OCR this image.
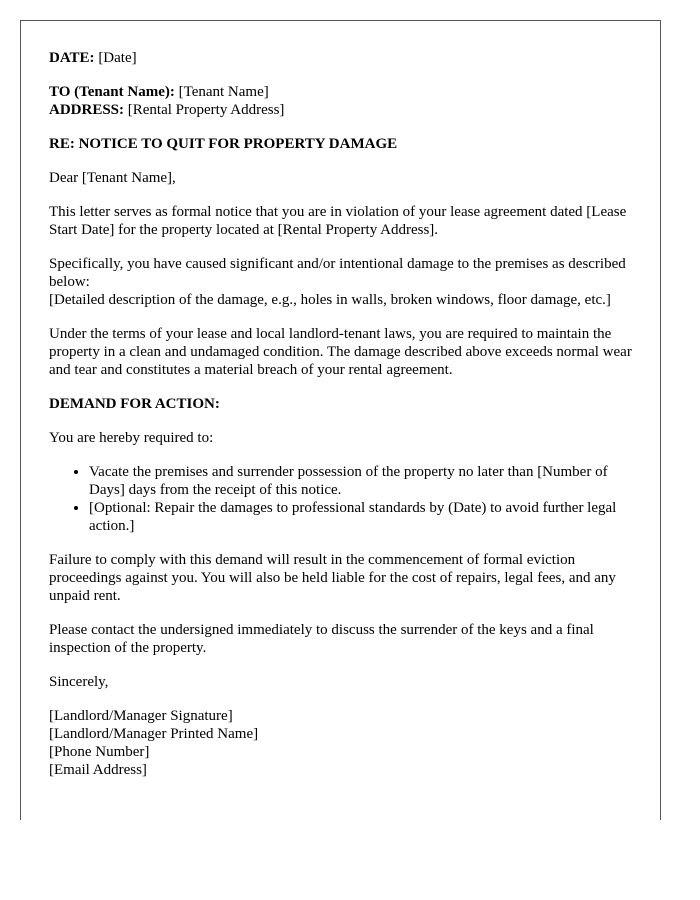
DATE: [Date]

TO (Tenant Name): [Tenant Name]

ADDRESS: [Rental Property Address]

RE: NOTICE TO QUIT FOR PROPERTY DAMAGE

Dear [Tenant Name],

This letter serves as formal notice that you are in violation of your lease agreement dated [Lease Start Date] for the property located at [Rental Property Address].

Specifically, you have caused significant and/or intentional damage to the premises as described below:

[Detailed description of the damage, e.g., holes in walls, broken windows, floor damage, etc.]

Under the terms of your lease and local landlord-tenant laws, you are required to maintain the property in a clean and undamaged condition. The damage described above exceeds normal wear and tear and constitutes a material breach of your rental agreement.

DEMAND FOR ACTION:

You are hereby required to:

• Vacate the premises and surrender possession of the property no later than [Number of Days] days from the receipt of this notice.
• [Optional: Repair the damages to professional standards by (Date) to avoid further legal action.]

Failure to comply with this demand will result in the commencement of formal eviction proceedings against you. You will also be held liable for the cost of repairs, legal fees, and any unpaid rent.

Please contact the undersigned immediately to discuss the surrender of the keys and a final inspection of the property.

Sincerely,

[Landlord/Manager Signature]

[Landlord/Manager Printed Name]

[Phone Number]

[Email Address]
